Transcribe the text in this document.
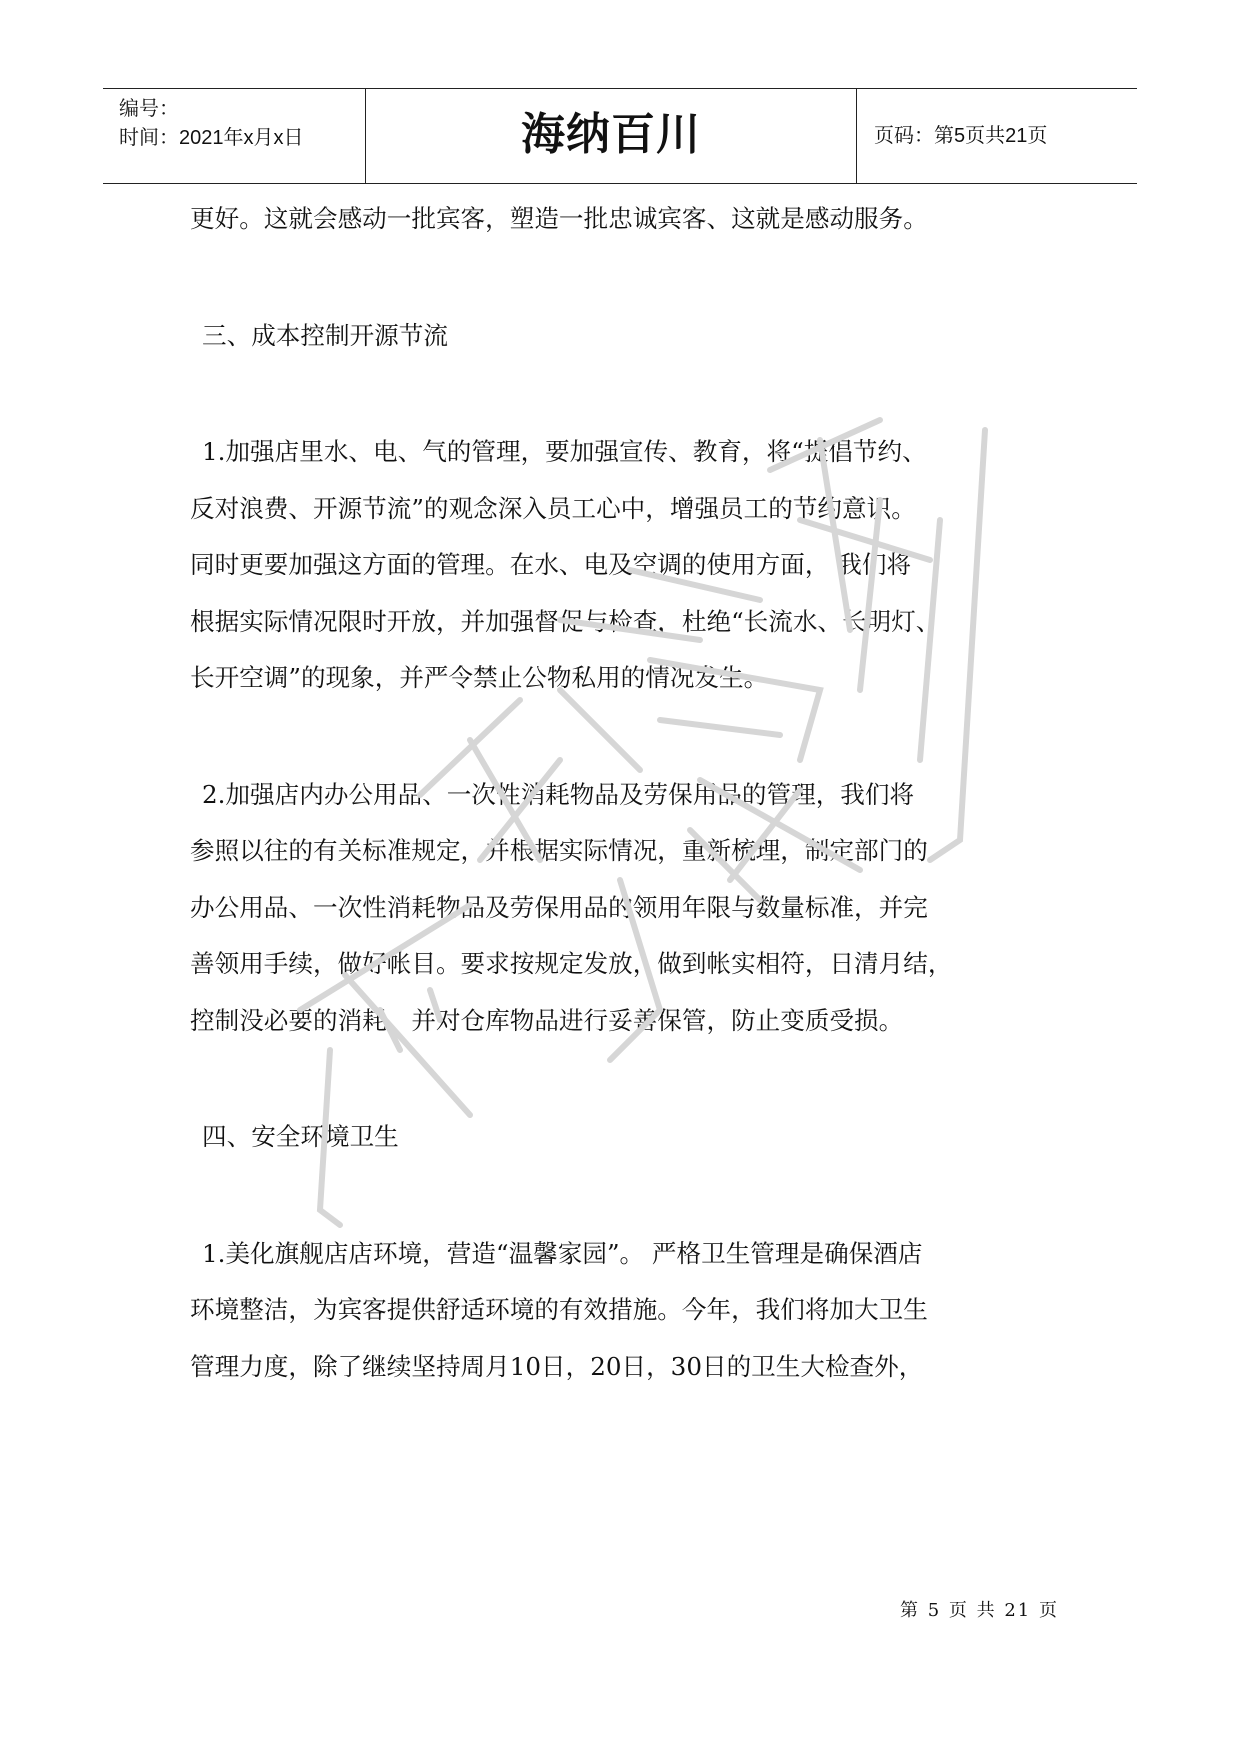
编号：
时间：2021年x月x日	海纳百川	页码：第5页共21页
更好。这就会感动一批宾客，塑造一批忠诚宾客、这就是感动服务。
三、成本控制开源节流
1.加强店里水、电、气的管理，要加强宣传、教育，将“提倡节约、
反对浪费、开源节流”的观念深入员工心中，增强员工的节约意识。
同时更要加强这方面的管理。在水、电及空调的使用方面， 我们将
根据实际情况限时开放，并加强督促与检查，杜绝“长流水、长明灯、
长开空调”的现象，并严令禁止公物私用的情况发生。
2.加强店内办公用品、一次性消耗物品及劳保用品的管理，我们将
参照以往的有关标准规定，并根据实际情况，重新梳理，制定部门的
办公用品、一次性消耗物品及劳保用品的领用年限与数量标准，并完
善领用手续，做好帐目。要求按规定发放，做到帐实相符，日清月结，
控制没必要的消耗，并对仓库物品进行妥善保管，防止变质受损。
四、安全环境卫生
1.美化旗舰店店环境，营造“温馨家园”。 严格卫生管理是确保酒店
环境整洁，为宾客提供舒适环境的有效措施。今年，我们将加大卫生
管理力度，除了继续坚持周月10日，20日，30日的卫生大检查外，
第 5 页 共 21 页
